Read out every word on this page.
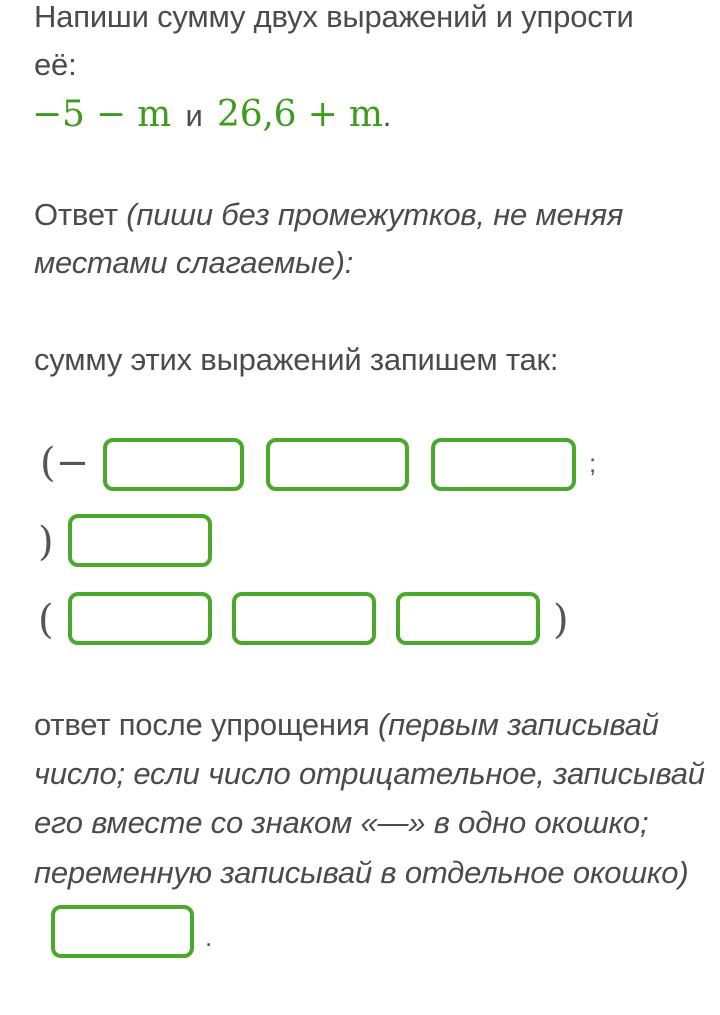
Напиши сумму двух выражений и упрости
её:
−5 − m и 26,6 + m.
Ответ (пиши без промежутков, не меняя
местами слагаемые):
сумму этих выражений запишем так:
(−	;
)
(	)
ответ после упрощения (первым записывай
число; если число отрицательное, записывай
его вместе со знаком «—» в одно окошко;
переменную записывай в отдельное окошко)
.
